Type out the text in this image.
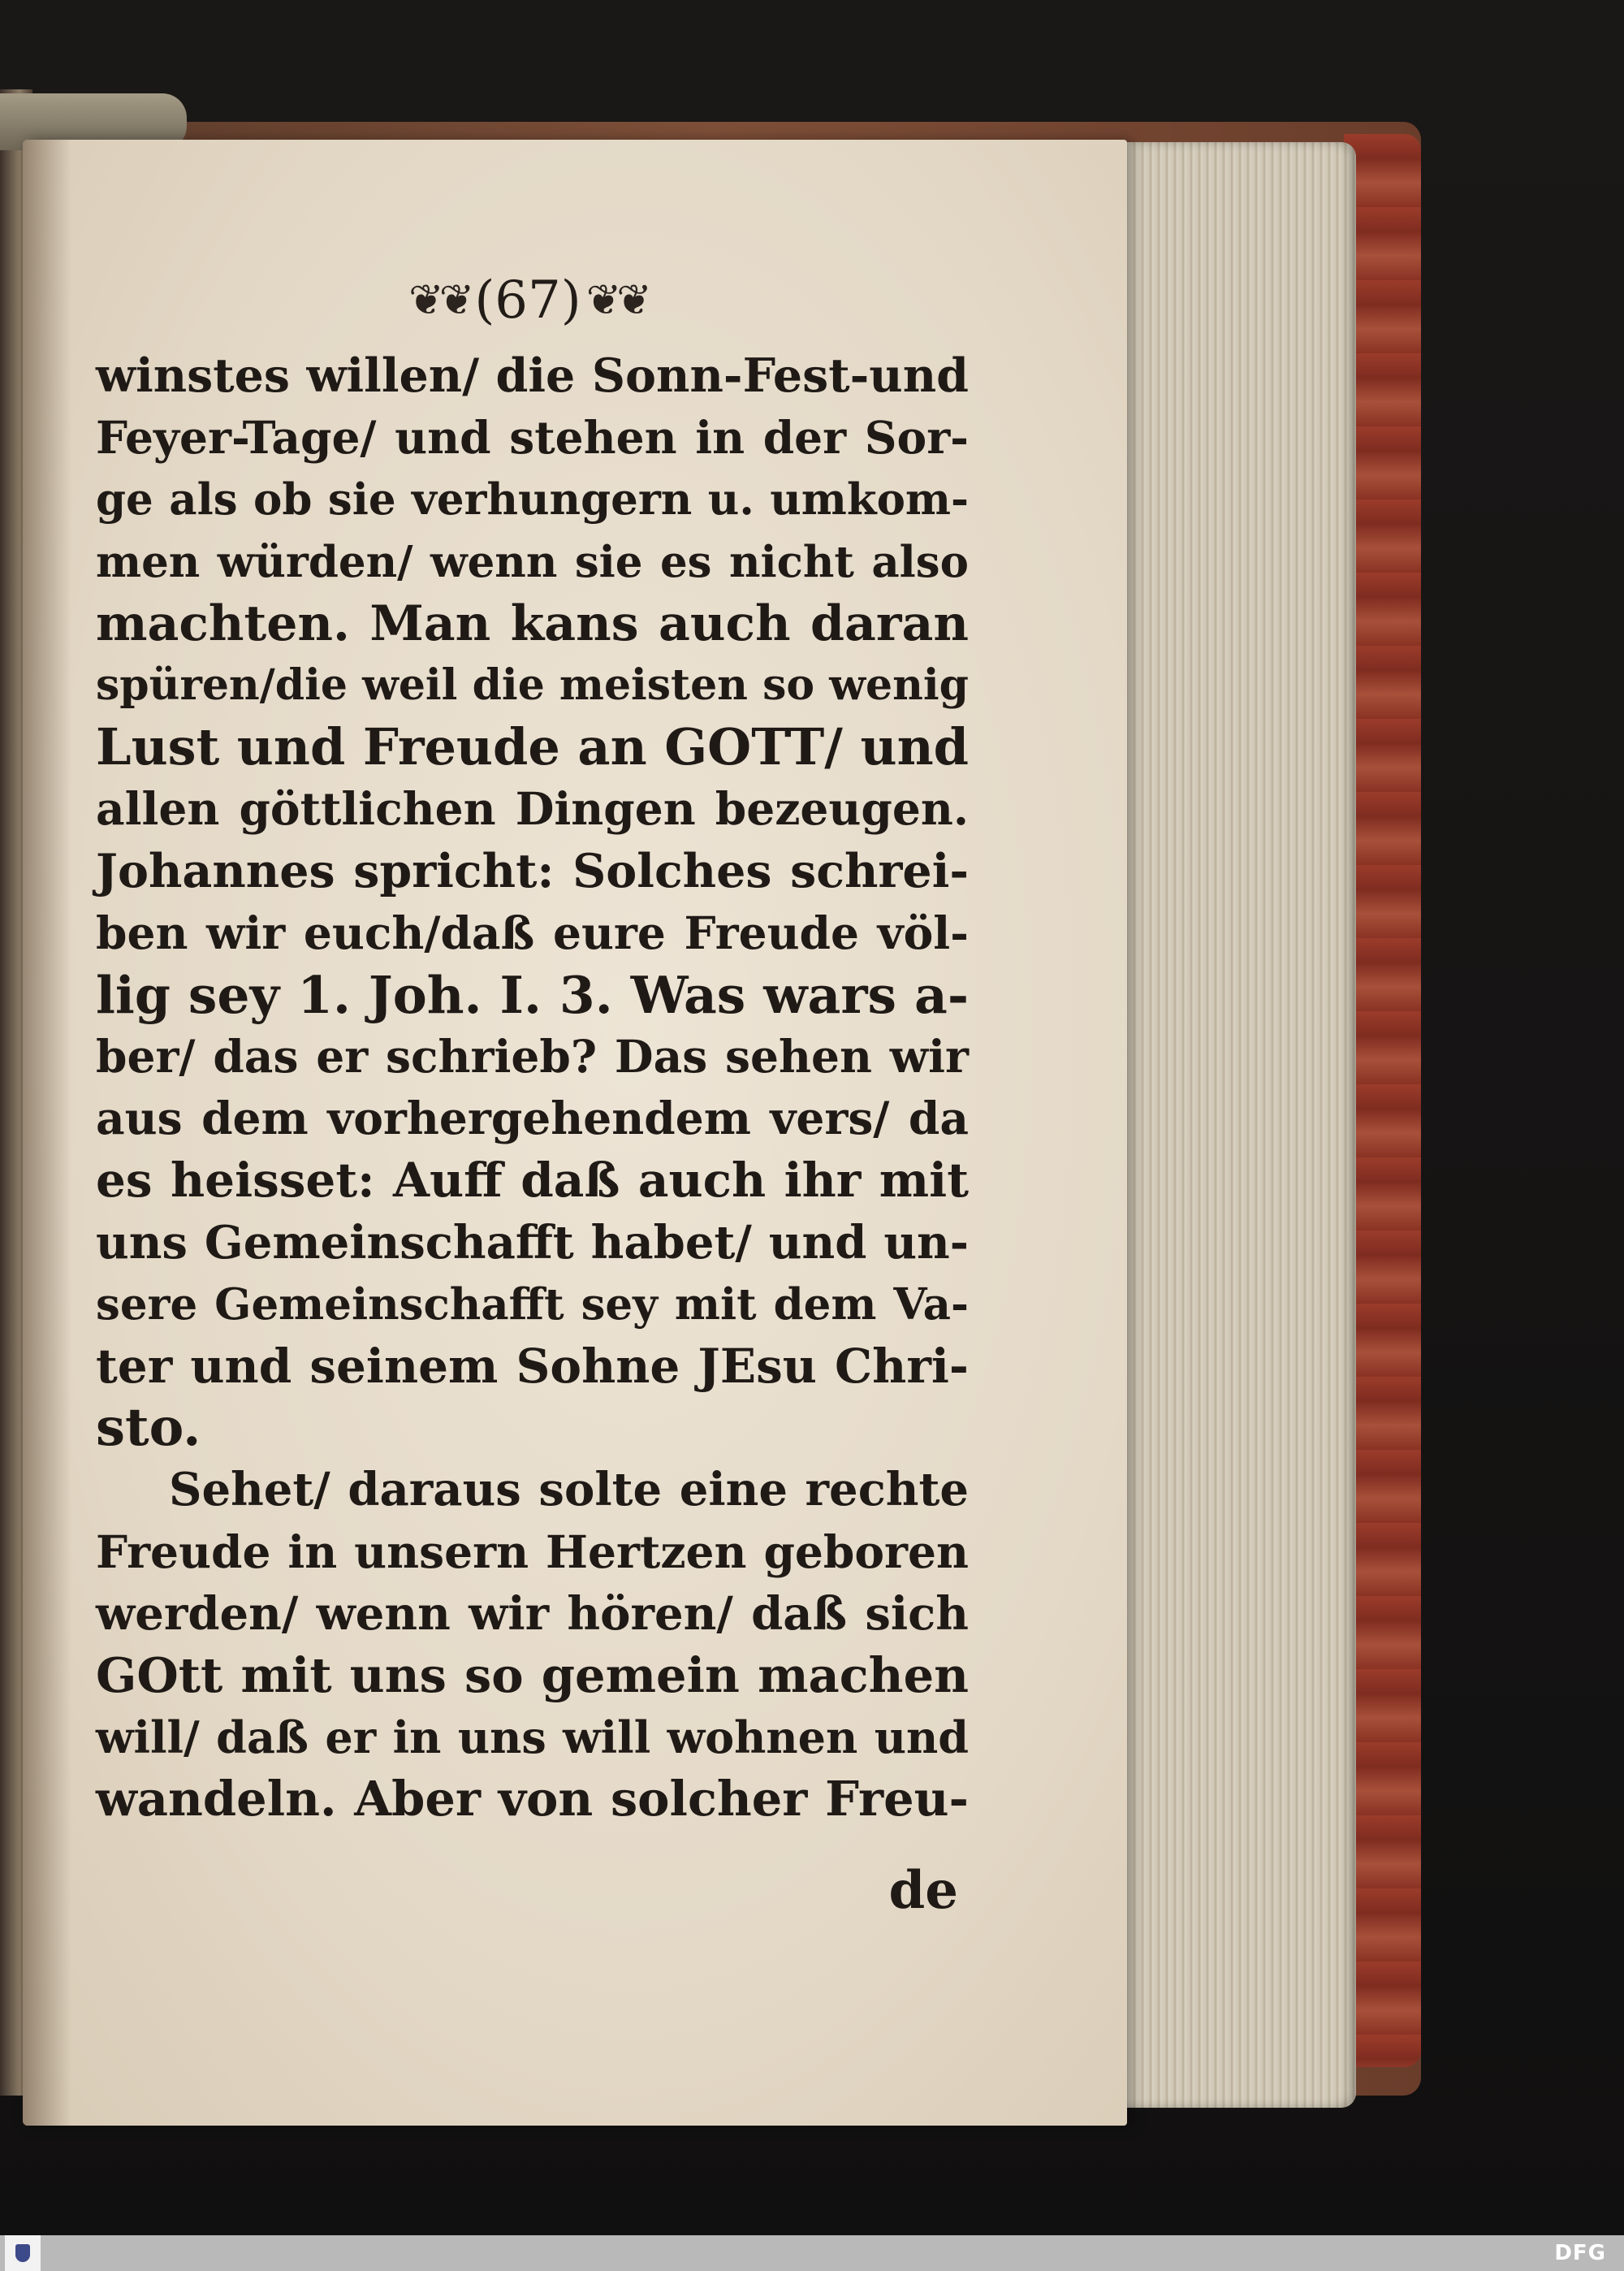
❦❦ (67) ❦❦
winstes willen/ die Sonn-Fest-und
Feyer-Tage/ und stehen in der Sor-
ge als ob sie verhungern u. umkom-
men würden/ wenn sie es nicht also
machten. Man kans auch daran
spüren/die weil die meisten so wenig
Lust und Freude an GOTT/ und
allen göttlichen Dingen bezeugen.
Johannes spricht: Solches schrei-
ben wir euch/daß eure Freude völ-
lig sey 1. Joh. I. 3. Was wars a-
ber/ das er schrieb? Das sehen wir
aus dem vorhergehendem vers/ da
es heisset: Auff daß auch ihr mit
uns Gemeinschafft habet/ und un-
sere Gemeinschafft sey mit dem Va-
ter und seinem Sohne JEsu Chri-
sto.
Sehet/ daraus solte eine rechte
Freude in unsern Hertzen geboren
werden/ wenn wir hören/ daß sich
GOtt mit uns so gemein machen
will/ daß er in uns will wohnen und
wandeln. Aber von solcher Freu-
de
DFG
